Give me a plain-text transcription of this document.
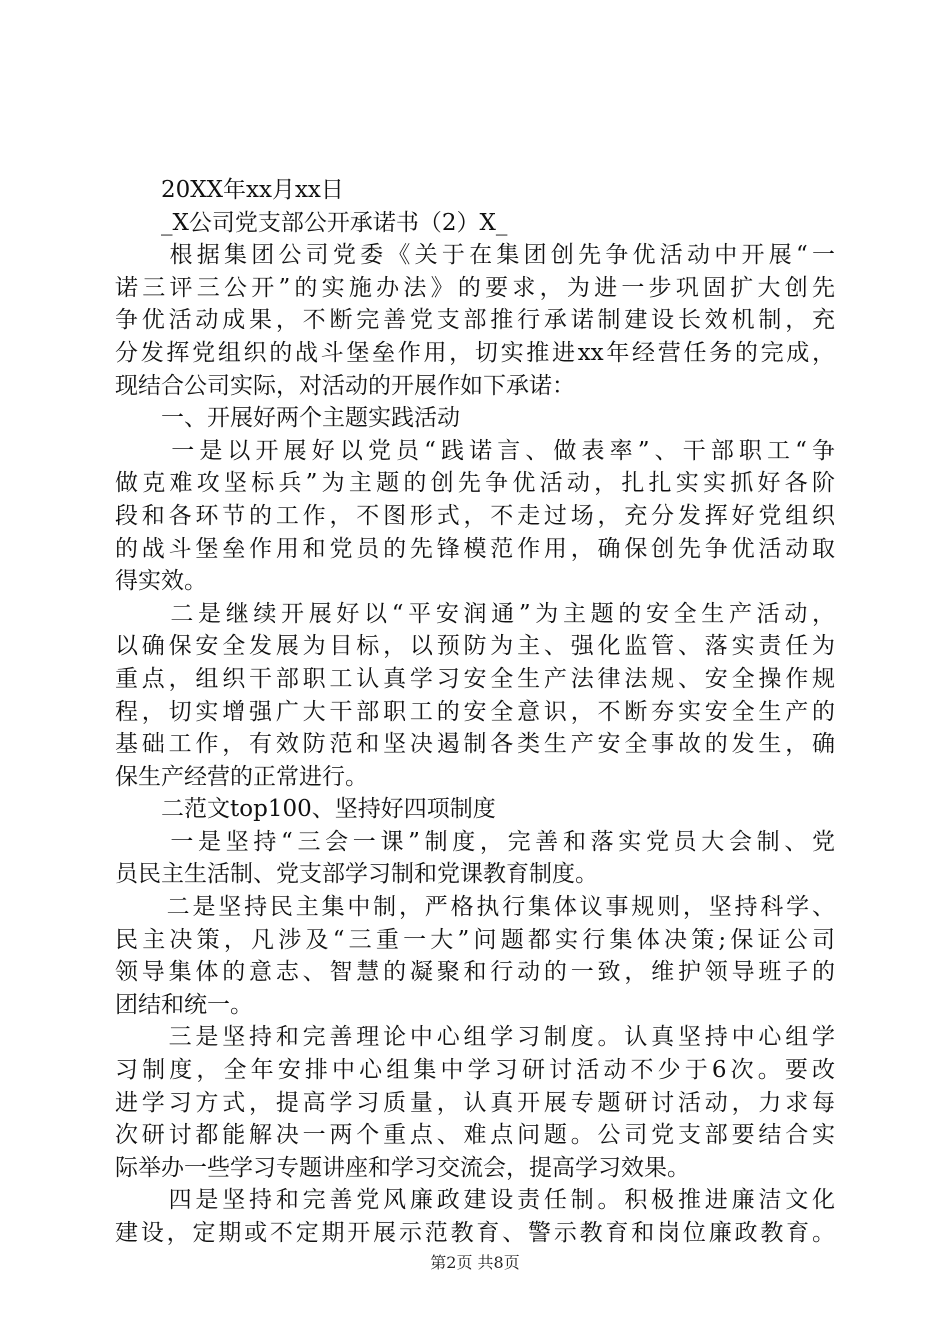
　　20XX年xx月xx日
　　_X公司党支部公开承诺书（2）X_
　　根据集团公司党委《关于在集团创先争优活动中开展“一
诺三评三公开”的实施办法》的要求，为进一步巩固扩大创先
争优活动成果，不断完善党支部推行承诺制建设长效机制，充
分发挥党组织的战斗堡垒作用，切实推进xx年经营任务的完成，
现结合公司实际，对活动的开展作如下承诺：
　　一、开展好两个主题实践活动
　　一是以开展好以党员“践诺言、做表率”、干部职工“争
做克难攻坚标兵”为主题的创先争优活动，扎扎实实抓好各阶
段和各环节的工作，不图形式，不走过场，充分发挥好党组织
的战斗堡垒作用和党员的先锋模范作用，确保创先争优活动取
得实效。
　　二是继续开展好以“平安润通”为主题的安全生产活动，
以确保安全发展为目标，以预防为主、强化监管、落实责任为
重点，组织干部职工认真学习安全生产法律法规、安全操作规
程，切实增强广大干部职工的安全意识，不断夯实安全生产的
基础工作，有效防范和坚决遏制各类生产安全事故的发生，确
保生产经营的正常进行。
　　二范文top100、坚持好四项制度
　　一是坚持“三会一课”制度，完善和落实党员大会制、党
员民主生活制、党支部学习制和党课教育制度。
　　二是坚持民主集中制，严格执行集体议事规则，坚持科学、
民主决策，凡涉及“三重一大”问题都实行集体决策;保证公司
领导集体的意志、智慧的凝聚和行动的一致，维护领导班子的
团结和统一。
　　三是坚持和完善理论中心组学习制度。认真坚持中心组学
习制度，全年安排中心组集中学习研讨活动不少于6次。要改
进学习方式，提高学习质量，认真开展专题研讨活动，力求每
次研讨都能解决一两个重点、难点问题。公司党支部要结合实
际举办一些学习专题讲座和学习交流会，提高学习效果。
　　四是坚持和完善党风廉政建设责任制。积极推进廉洁文化
建设，定期或不定期开展示范教育、警示教育和岗位廉政教育。
第2页 共8页
